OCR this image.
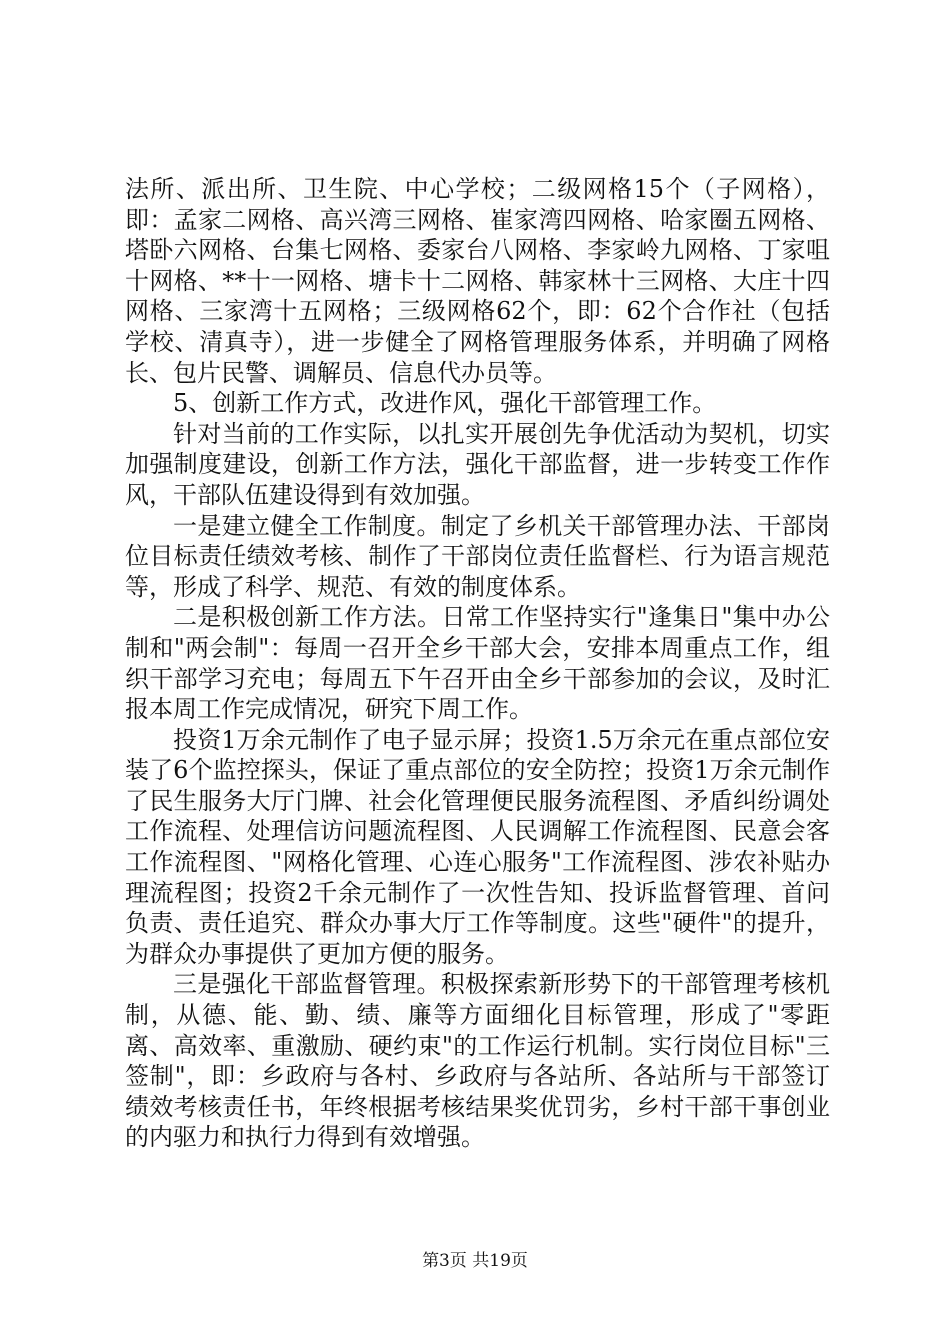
法所、派出所、卫生院、中心学校；二级网格15个（子网格），即：孟家二网格、高兴湾三网格、崔家湾四网格、哈家圈五网格、塔卧六网格、台集七网格、委家台八网格、李家岭九网格、丁家咀十网格、**十一网格、塘卡十二网格、韩家林十三网格、大庄十四网格、三家湾十五网格；三级网格62个，即：62个合作社（包括学校、清真寺），进一步健全了网格管理服务体系，并明确了网格长、包片民警、调解员、信息代办员等。

5、创新工作方式，改进作风，强化干部管理工作。

针对当前的工作实际，以扎实开展创先争优活动为契机，切实加强制度建设，创新工作方法，强化干部监督，进一步转变工作作风，干部队伍建设得到有效加强。

一是建立健全工作制度。制定了乡机关干部管理办法、干部岗位目标责任绩效考核、制作了干部岗位责任监督栏、行为语言规范等，形成了科学、规范、有效的制度体系。

二是积极创新工作方法。日常工作坚持实行"逢集日"集中办公制和"两会制"：每周一召开全乡干部大会，安排本周重点工作，组织干部学习充电；每周五下午召开由全乡干部参加的会议，及时汇报本周工作完成情况，研究下周工作。

投资1万余元制作了电子显示屏；投资1.5万余元在重点部位安装了6个监控探头，保证了重点部位的安全防控；投资1万余元制作了民生服务大厅门牌、社会化管理便民服务流程图、矛盾纠纷调处工作流程、处理信访问题流程图、人民调解工作流程图、民意会客工作流程图、"网格化管理、心连心服务"工作流程图、涉农补贴办理流程图；投资2千余元制作了一次性告知、投诉监督管理、首问负责、责任追究、群众办事大厅工作等制度。这些"硬件"的提升，为群众办事提供了更加方便的服务。

三是强化干部监督管理。积极探索新形势下的干部管理考核机制，从德、能、勤、绩、廉等方面细化目标管理，形成了"零距离、高效率、重激励、硬约束"的工作运行机制。实行岗位目标"三签制"，即：乡政府与各村、乡政府与各站所、各站所与干部签订绩效考核责任书，年终根据考核结果奖优罚劣，乡村干部干事创业的内驱力和执行力得到有效增强。

第3页 共19页
